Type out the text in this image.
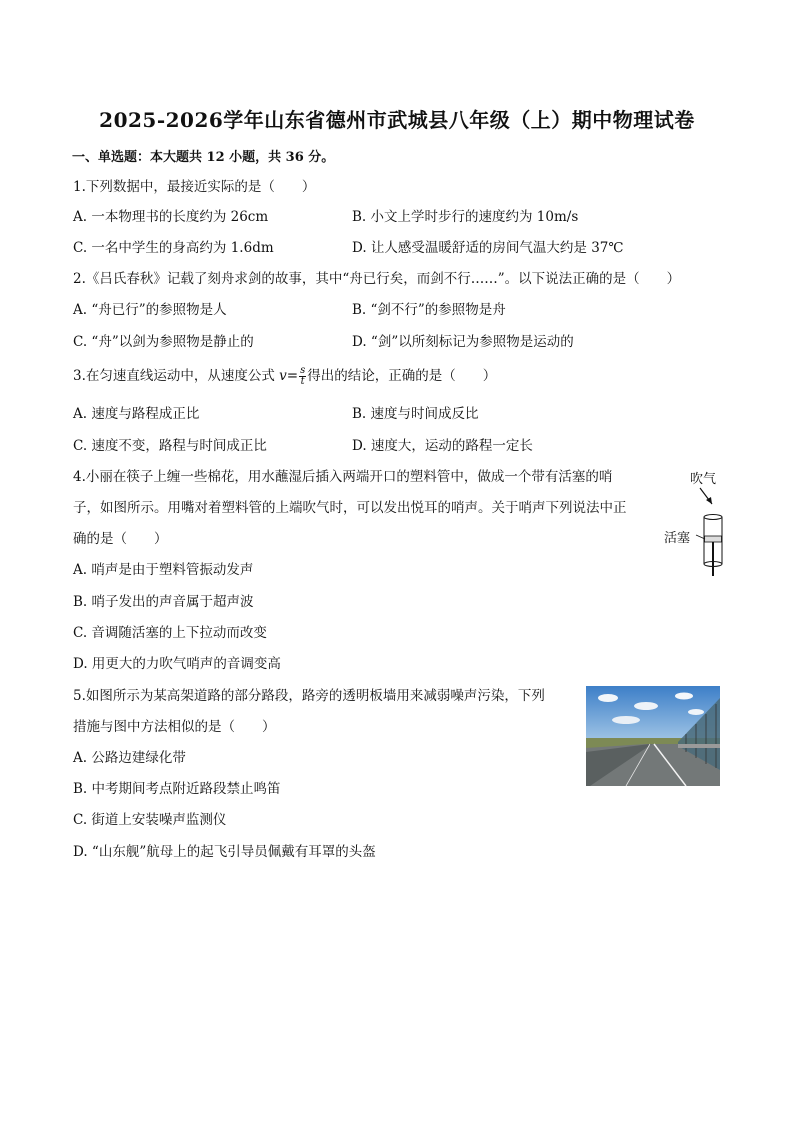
2025-2026学年山东省德州市武城县八年级（上）期中物理试卷
一、单选题：本大题共 12 小题，共 36 分。
1.下列数据中，最接近实际的是（　　）
A. 一本物理书的长度约为 26cm	B. 小文上学时步行的速度约为 10m/s
C. 一名中学生的身高约为 1.6dm	D. 让人感受温暖舒适的房间气温大约是 37℃
2.《吕氏春秋》记载了刻舟求剑的故事，其中“舟已行矣，而剑不行……”。以下说法正确的是（　　）
A. “舟已行”的参照物是人	B. “剑不行”的参照物是舟
C. “舟”以剑为参照物是静止的	D. “剑”以所刻标记为参照物是运动的
3.在匀速直线运动中，从速度公式 $v= \frac{s}{t}$ 得出的结论，正确的是（　　）
A. 速度与路程成正比	B. 速度与时间成反比
C. 速度不变，路程与时间成正比	D. 速度大，运动的路程一定长
4.小丽在筷子上缠一些棉花，用水蘸湿后插入两端开口的塑料管中，做成一个带有活塞的哨
子，如图所示。用嘴对着塑料管的上端吹气时，可以发出悦耳的哨声。关于哨声下列说法中正
确的是（　　）
A. 哨声是由于塑料管振动发声
B. 哨子发出的声音属于超声波
C. 音调随活塞的上下拉动而改变
D. 用更大的力吹气哨声的音调变高
吹气
活塞
5.如图所示为某高架道路的部分路段，路旁的透明板墙用来减弱噪声污染，下列
措施与图中方法相似的是（　　）
A. 公路边建绿化带
B. 中考期间考点附近路段禁止鸣笛
C. 街道上安装噪声监测仪
D. “山东舰”航母上的起飞引导员佩戴有耳罩的头盔
